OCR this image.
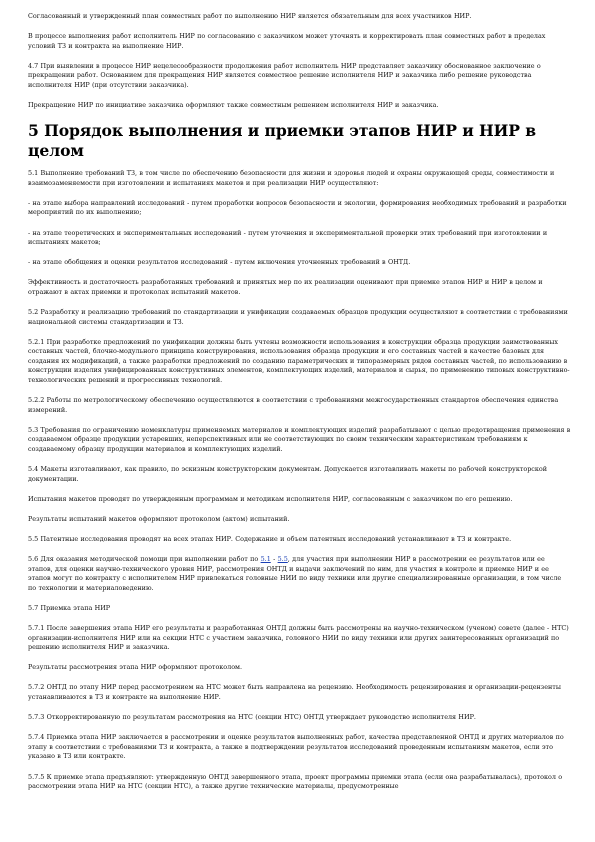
Согласованный и утвержденный план совместных работ по выполнению НИР является обязательным для всех участников НИР.

В процессе выполнения работ исполнитель НИР по согласованию с заказчиком может уточнять и корректировать план совместных работ в пределах условий ТЗ и контракта на выполнение НИР.

4.7 При выявлении в процессе НИР нецелесообразности продолжения работ исполнитель НИР представляет заказчику обоснованное заключение о прекращении работ. Основанием для прекращения НИР является совместное решение исполнителя НИР и заказчика либо решение руководства исполнителя НИР (при отсутствии заказчика).

Прекращение НИР по инициативе заказчика оформляют также совместным решением исполнителя НИР и заказчика.

5 Порядок выполнения и приемки этапов НИР и НИР в целом

5.1 Выполнение требований ТЗ, в том числе по обеспечению безопасности для жизни и здоровья людей и охраны окружающей среды, совместимости и взаимозаменяемости при изготовлении и испытаниях макетов и при реализации НИР осуществляют:

- на этапе выбора направлений исследований - путем проработки вопросов безопасности и экологии, формирования необходимых требований и разработки мероприятий по их выполнению;

- на этапе теоретических и экспериментальных исследований - путем уточнения и экспериментальной проверки этих требований при изготовлении и испытаниях макетов;

- на этапе обобщения и оценки результатов исследований - путем включения уточненных требований в ОНТД.

Эффективность и достаточность разработанных требований и принятых мер по их реализации оценивают при приемке этапов НИР и НИР в целом и отражают в актах приемки и протоколах испытаний макетов.

5.2 Разработку и реализацию требований по стандартизации и унификации создаваемых образцов продукции осуществляют в соответствии с требованиями национальной системы стандартизации и ТЗ.

5.2.1 При разработке предложений по унификации должны быть учтены возможности использования в конструкции образца продукции заимствованных составных частей, блочно-модульного принципа конструирования, использования образца продукции и его составных частей в качестве базовых для создания их модификаций, а также разработки предложений по созданию параметрических и типоразмерных рядов составных частей, по использованию в конструкции изделия унифицированных конструктивных элементов, комплектующих изделий, материалов и сырья, по применению типовых конструктивно-технологических решений и прогрессивных технологий.

5.2.2 Работы по метрологическому обеспечению осуществляются в соответствии с требованиями межгосударственных стандартов обеспечения единства измерений.

5.3 Требования по ограничению номенклатуры применяемых материалов и комплектующих изделий разрабатывают с целью предотвращения применения в создаваемом образце продукции устаревших, неперспективных или не соответствующих по своим техническим характеристикам требованиям к создаваемому образцу продукции материалов и комплектующих изделий.

5.4 Макеты изготавливают, как правило, по эскизным конструкторским документам. Допускается изготавливать макеты по рабочей конструкторской документации.

Испытания макетов проводят по утвержденным программам и методикам исполнителя НИР, согласованным с заказчиком по его решению.

Результаты испытаний макетов оформляют протоколом (актом) испытаний.

5.5 Патентные исследования проводят на всех этапах НИР. Содержание и объем патентных исследований устанавливают в ТЗ и контракте.

5.6 Для оказания методической помощи при выполнении работ по 5.1 - 5.5, для участия при выполнении НИР в рассмотрении ее результатов или ее этапов, для оценки научно-технического уровня НИР, рассмотрения ОНТД и выдачи заключений по ним, для участия в контроле и приемке НИР и ее этапов могут по контракту с исполнителем НИР привлекаться головные НИИ по виду техники или другие специализированные организации, в том числе по технологии и материаловедению.

5.7 Приемка этапа НИР

5.7.1 После завершения этапа НИР его результаты и разработанная ОНТД должны быть рассмотрены на научно-техническом (ученом) совете (далее - НТС) организации-исполнителя НИР или на секции НТС с участием заказчика, головного НИИ по виду техники или других заинтересованных организаций по решению исполнителя НИР и заказчика.

Результаты рассмотрения этапа НИР оформляют протоколом.

5.7.2 ОНТД по этапу НИР перед рассмотрением на НТС может быть направлена на рецензию. Необходимость рецензирования и организации-рецензенты устанавливаются в ТЗ и контракте на выполнение НИР.

5.7.3 Откорректированную по результатам рассмотрения на НТС (секции НТС) ОНТД утверждает руководство исполнителя НИР.

5.7.4 Приемка этапа НИР заключается в рассмотрении и оценке результатов выполненных работ, качества представленной ОНТД и других материалов по этапу в соответствии с требованиями ТЗ и контракта, а также в подтверждении результатов исследований проведенным испытаниям макетов, если это указано в ТЗ или контракте.

5.7.5 К приемке этапа предъявляют: утвержденную ОНТД завершенного этапа, проект программы приемки этапа (если она разрабатывалась), протокол о рассмотрении этапа НИР на НТС (секции НТС), а также другие технические материалы, предусмотренные
